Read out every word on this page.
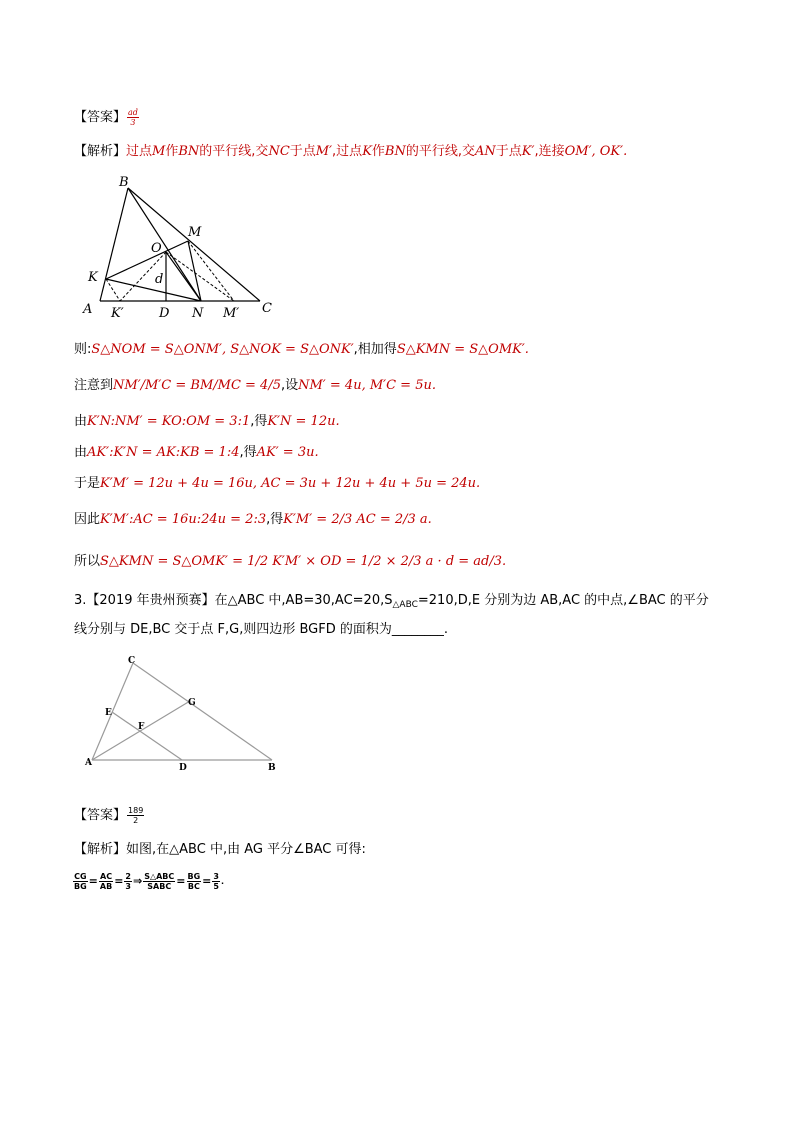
【答案】 $\frac{ad}{3}$
【解析】过点M作BN的平行线,交NC于点M′,过点K作BN的平行线,交AN于点K′,连接OM′, OK′.
B
M
O
K	d
A K′	D N M′ C
则:S△NOM = S△ONM′, S△NOK = S△ONK′,相加得S△KMN = S△OMK′.
注意到NM′/M′C = BM/MC = 4/5,设NM′ = 4u, M′C = 5u.
由K′N:NM′ = KO:OM = 3:1,得K′N = 12u.
由AK′:K′N = AK:KB = 1:4,得AK′ = 3u.
于是K′M′ = 12u + 4u = 16u, AC = 3u + 12u + 4u + 5u = 24u.
因此K′M′:AC = 16u:24u = 2:3,得K′M′ = 2/3 AC = 2/3 a.
所以S△KMN = S△OMK′ = 1/2 K′M′ × OD = 1/2 × 2/3 a · d = ad/3.
3.【2019 年贵州预赛】在△ABC 中$,AB=30,AC=20,S_{\triangle ABC}=210,D,E$ 分别为边 AB,AC 的中点,∠BAC 的平分
线分别与 DE,BC 交于点 F,G,则四边形 BGFD 的面积为________.
C
G
E
F
A	D	B
【答案】 $\frac{189}{2}$
【解析】如图,在△ABC 中,由 AG 平分∠BAC 可得:
$\frac{CG}{BG} = \frac{AC}{AB} = \frac{2}{3}$ ⇒ $\frac{\text{S△ABC}}{\text{SABC}} = \frac{BG}{BC} = \frac{3}{5}$ .
